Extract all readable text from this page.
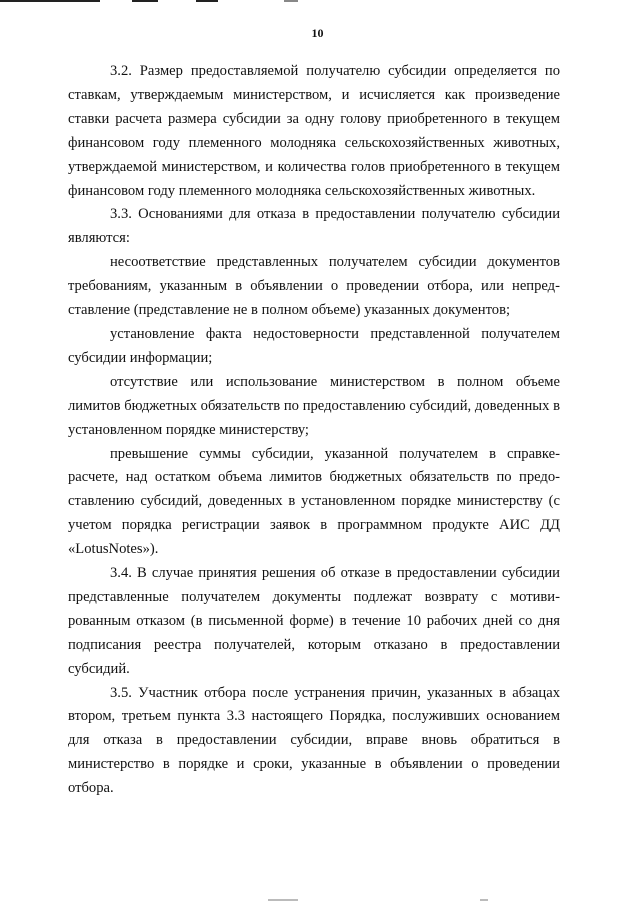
10

3.2. Размер предоставляемой получателю субсидии определяется по ставкам, утверждаемым министерством, и исчисляется как произведение ставки расчета размера субсидии за одну голову приобретенного в текущем финансовом году племенного молодняка сельскохозяйственных животных, утверждаемой министерством, и количества голов приобретенного в текущем финансовом году племенного молодняка сельскохозяйственных животных.

3.3. Основаниями для отказа в предоставлении получателю субсидии являются:

несоответствие представленных получателем субсидии документов требованиям, указанным в объявлении о проведении отбора, или непредставление (представление не в полном объеме) указанных документов;

установление факта недостоверности представленной получателем субсидии информации;

отсутствие или использование министерством в полном объеме лимитов бюджетных обязательств по предоставлению субсидий, доведенных в установленном порядке министерству;

превышение суммы субсидии, указанной получателем в справке-расчете, над остатком объема лимитов бюджетных обязательств по предоставлению субсидий, доведенных в установленном порядке министерству (с учетом порядка регистрации заявок в программном продукте АИС ДД «LotusNotes»).

3.4. В случае принятия решения об отказе в предоставлении субсидии представленные получателем документы подлежат возврату с мотивированным отказом (в письменной форме) в течение 10 рабочих дней со дня подписания реестра получателей, которым отказано в предоставлении субсидий.

3.5. Участник отбора после устранения причин, указанных в абзацах втором, третьем пункта 3.3 настоящего Порядка, послуживших основанием для отказа в предоставлении субсидии, вправе вновь обратиться в министерство в порядке и сроки, указанные в объявлении о проведении отбора.
